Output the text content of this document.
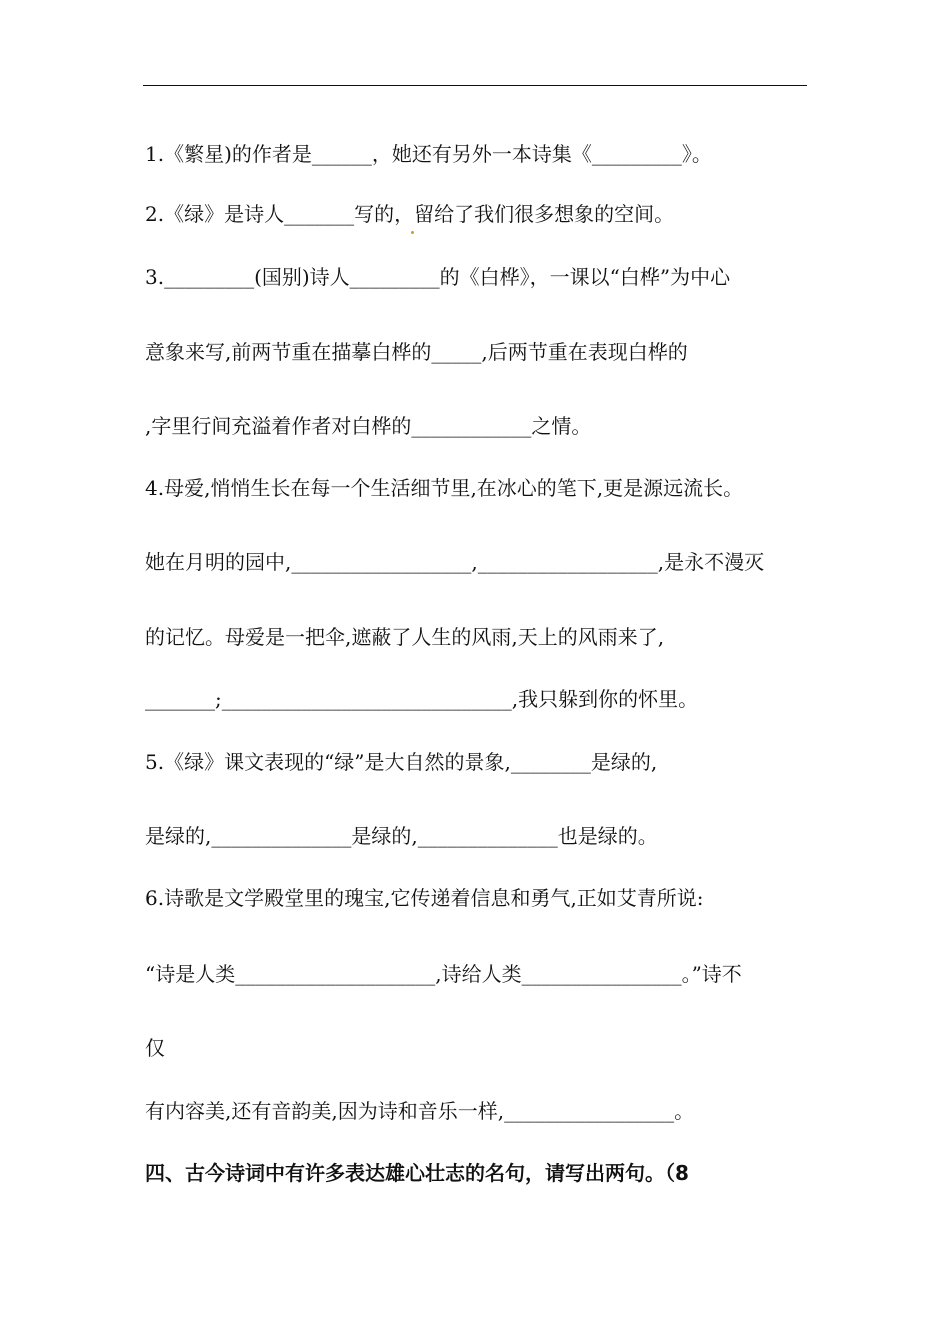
1.《繁星)的作者是______，她还有另外一本诗集《_________》。
2.《绿》是诗人_______写的，留给了我们很多想象的空间。
3._________(国别)诗人_________的《白桦》，一课以“白桦”为中心
意象来写,前两节重在描摹白桦的_____,后两节重在表现白桦的
,字里行间充溢着作者对白桦的____________之情。
4.母爱,悄悄生长在每一个生活细节里,在冰心的笔下,更是源远流长。
她在月明的园中,__________________,__________________,是永不漫灭
的记忆。母爱是一把伞,遮蔽了人生的风雨,天上的风雨来了,
_______;_____________________________,我只躲到你的怀里。
5.《绿》课文表现的“绿”是大自然的景象,________是绿的,
是绿的,______________是绿的,______________也是绿的。
6.诗歌是文学殿堂里的瑰宝,它传递着信息和勇气,正如艾青所说:
“诗是人类____________________,诗给人类________________。”诗不
仅
有内容美,还有音韵美,因为诗和音乐一样,_________________。
四、古今诗词中有许多表达雄心壮志的名句，请写出两句。（8
